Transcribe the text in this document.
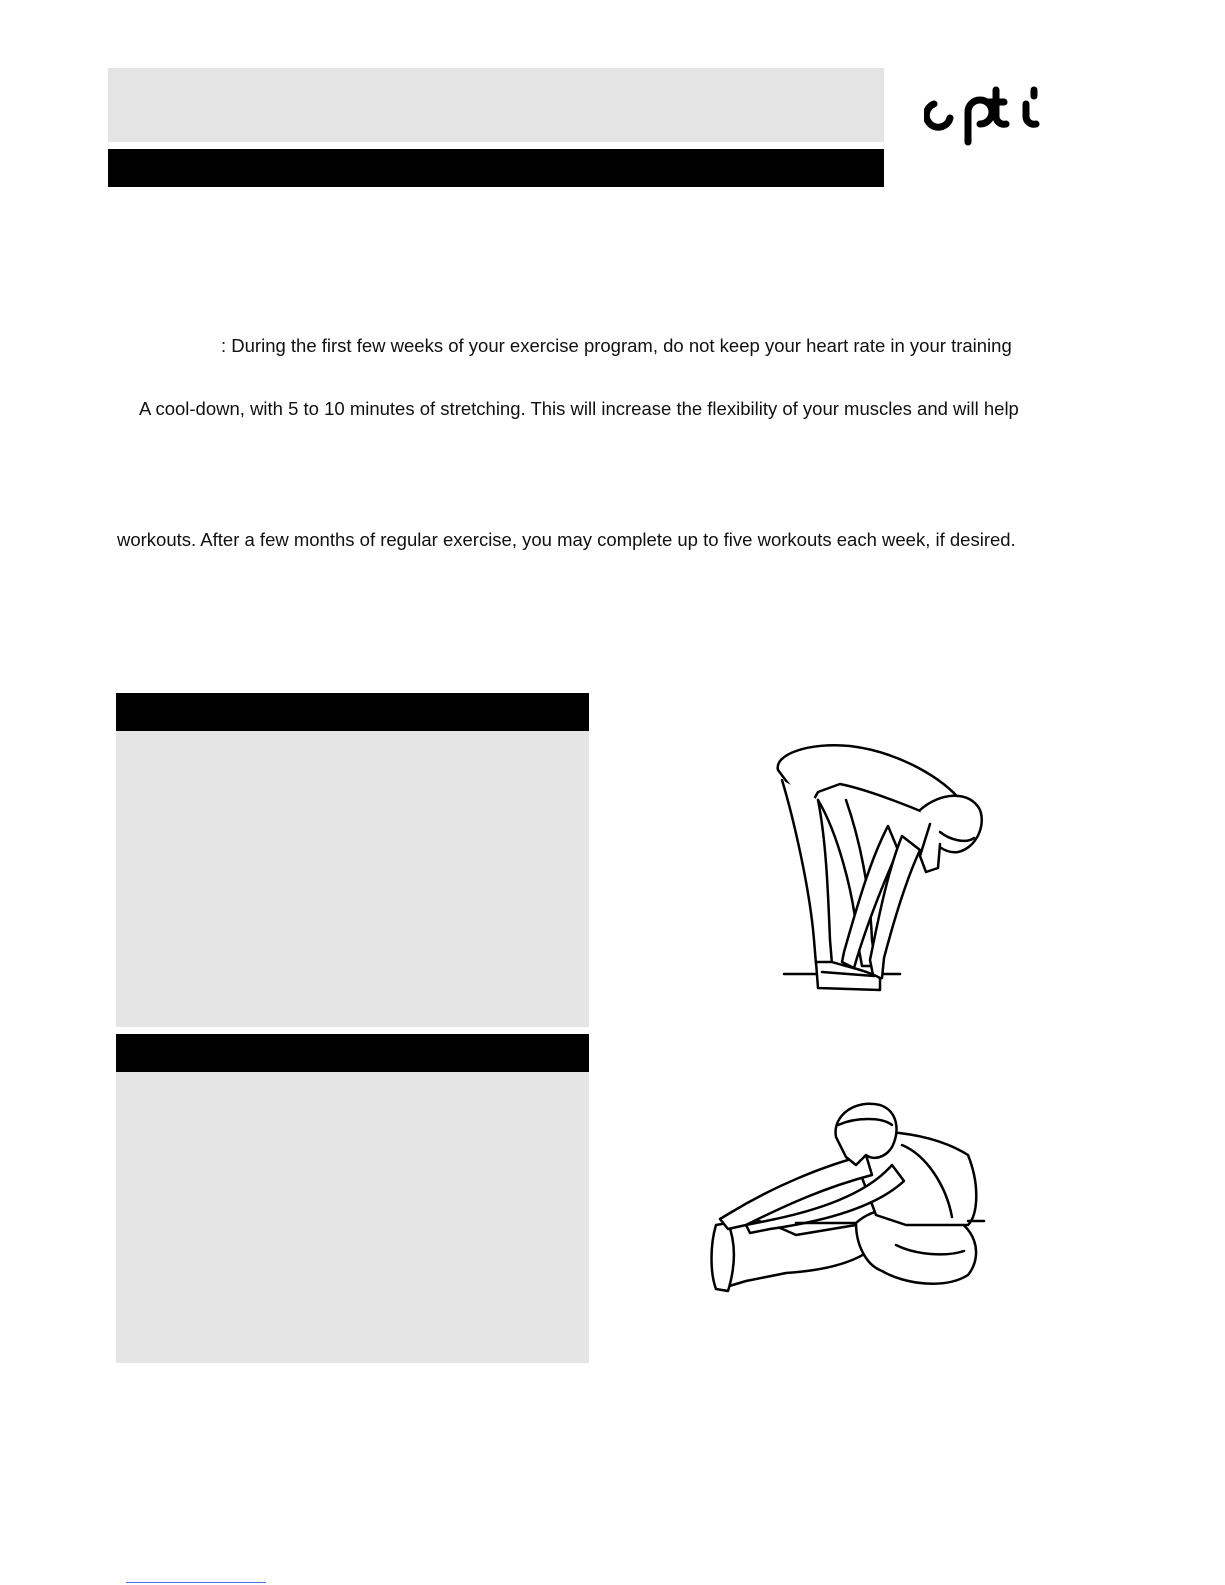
: During the first few weeks of your exercise program, do not keep your heart rate in your training
A cool-down, with 5 to 10 minutes of stretching. This will increase the flexibility of your muscles and will help
workouts. After a few months of regular exercise, you may complete up to five workouts each week, if desired.
